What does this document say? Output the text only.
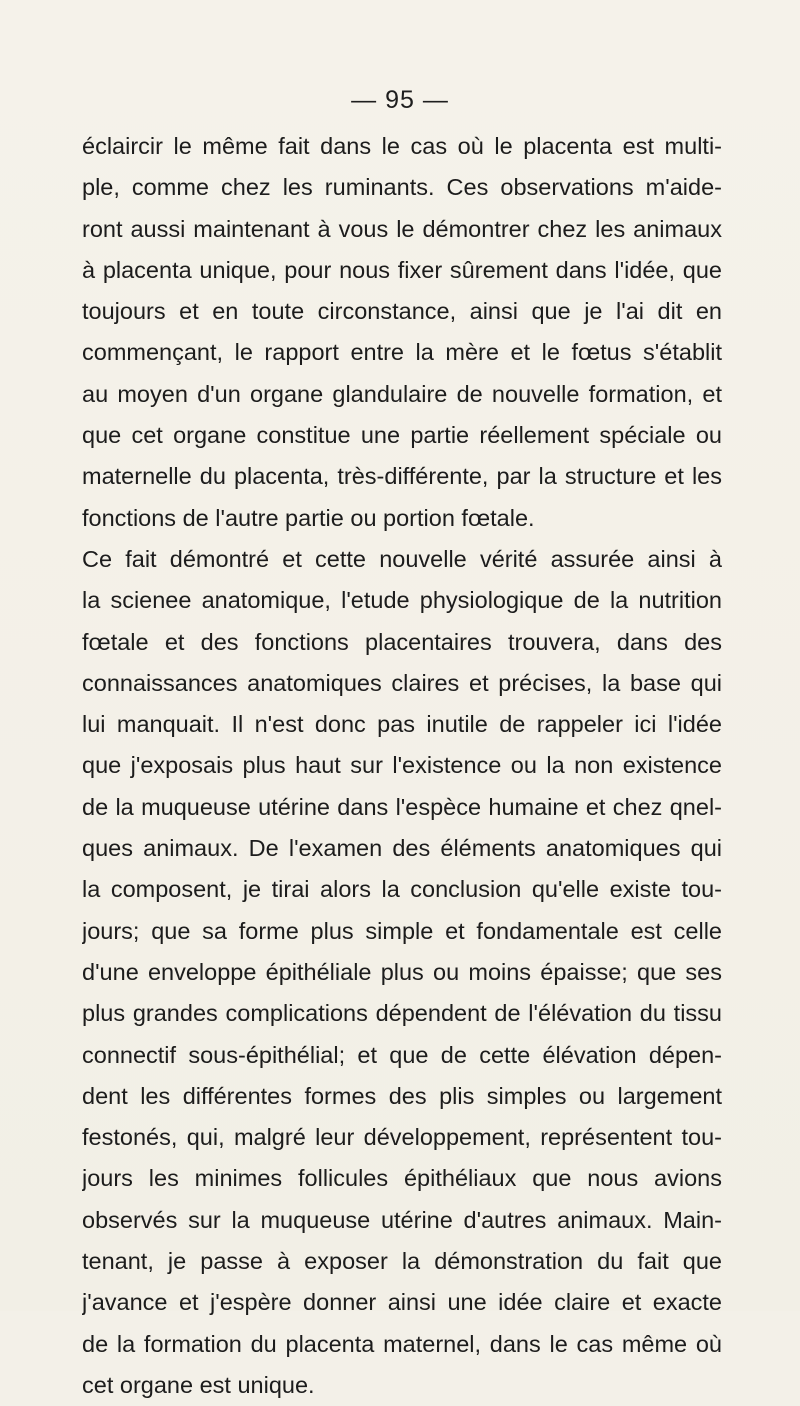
— 95 —
éclaircir le même fait dans le cas où le placenta est multi-
ple, comme chez les ruminants. Ces observations m'aide-
ront aussi maintenant à vous le démontrer chez les animaux
à placenta unique, pour nous fixer sûrement dans l'idée, que
toujours et en toute circonstance, ainsi que je l'ai dit en
commençant, le rapport entre la mère et le fœtus s'établit
au moyen d'un organe glandulaire de nouvelle formation, et
que cet organe constitue une partie réellement spéciale ou
maternelle du placenta, très-différente, par la structure et les
fonctions de l'autre partie ou portion fœtale.
Ce fait démontré et cette nouvelle vérité assurée ainsi à
la scienee anatomique, l'etude physiologique de la nutrition
fœtale et des fonctions placentaires trouvera, dans des
connaissances anatomiques claires et précises, la base qui
lui manquait. Il n'est donc pas inutile de rappeler ici l'idée
que j'exposais plus haut sur l'existence ou la non existence
de la muqueuse utérine dans l'espèce humaine et chez qnel-
ques animaux. De l'examen des éléments anatomiques qui
la composent, je tirai alors la conclusion qu'elle existe tou-
jours; que sa forme plus simple et fondamentale est celle
d'une enveloppe épithéliale plus ou moins épaisse; que ses
plus grandes complications dépendent de l'élévation du tissu
connectif sous-épithélial; et que de cette élévation dépen-
dent les différentes formes des plis simples ou largement
festonés, qui, malgré leur développement, représentent tou-
jours les minimes follicules épithéliaux que nous avions
observés sur la muqueuse utérine d'autres animaux. Main-
tenant, je passe à exposer la démonstration du fait que
j'avance et j'espère donner ainsi une idée claire et exacte
de la formation du placenta maternel, dans le cas même où
cet organe est unique.
